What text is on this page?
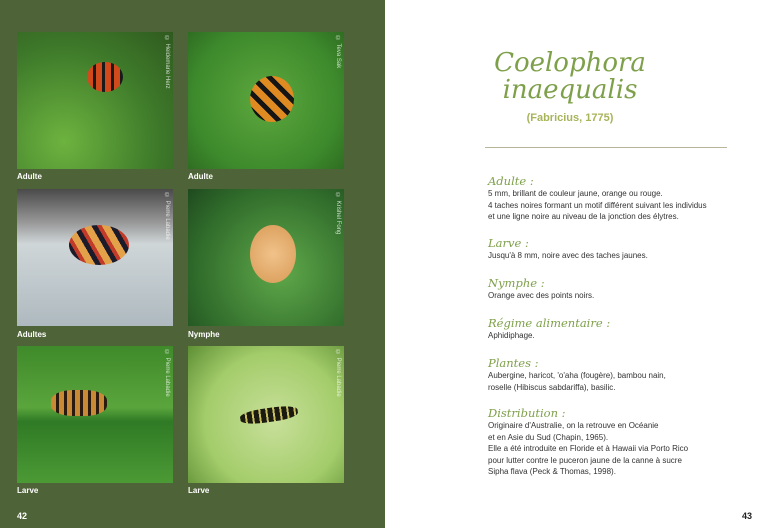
© Heidemarie Herz
Adulte
© Teva Sak
Adulte
© Pierre Labadie
Adultes
© Krishel Fong
Nymphe
© Pierre Labadie
Larve
© Pierre Labadie
Larve
42
Coelophora
inaequalis
(Fabricius, 1775)
Adulte :

5 mm, brillant de couleur jaune, orange ou rouge.

4 taches noires formant un motif différent suivant les individus

et une ligne noire au niveau de la jonction des élytres.

Larve :

Jusqu'à 8 mm, noire avec des taches jaunes.

Nymphe :

Orange avec des points noirs.

Régime alimentaire :

Aphidiphage.

Plantes :

Aubergine, haricot, 'o'aha (fougère), bambou nain,

roselle (Hibiscus sabdariffa), basilic.

Distribution :

Originaire d'Australie, on la retrouve en Océanie

et en Asie du Sud (Chapin, 1965).

Elle a été introduite en Floride et à Hawaii via Porto Rico

pour lutter contre le puceron jaune de la canne à sucre

Sipha flava (Peck & Thomas, 1998).

43
